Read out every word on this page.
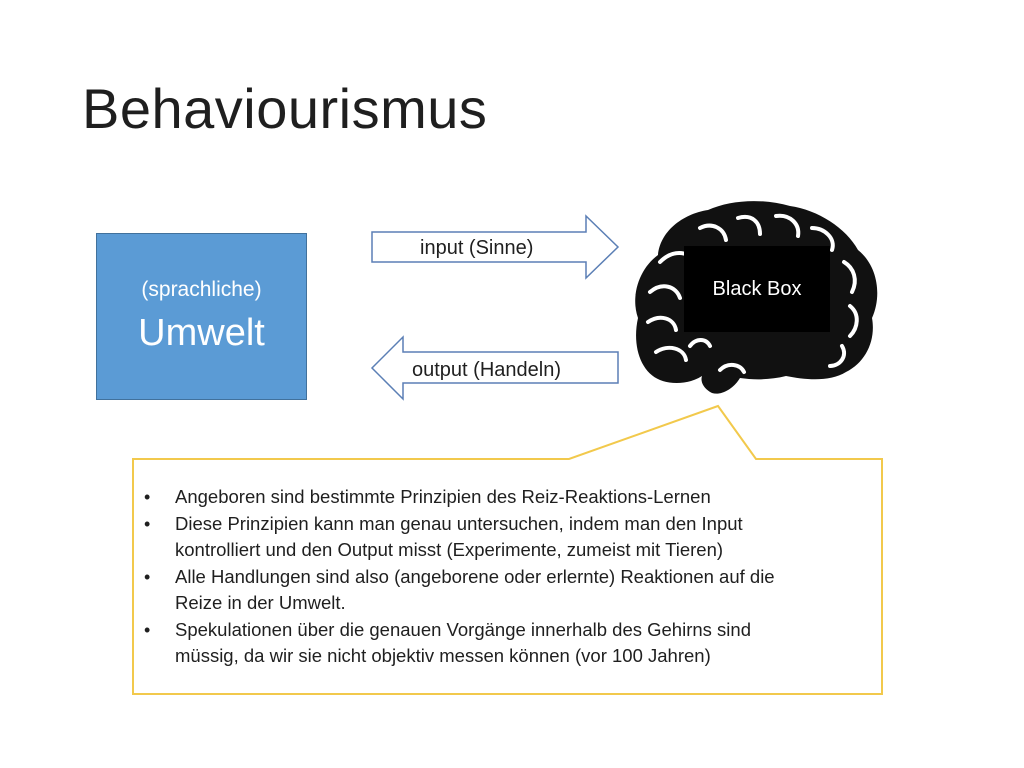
Behaviourismus
(sprachliche)
Umwelt
input (Sinne)
output (Handeln)
Black Box
• Angeboren sind bestimmte Prinzipien des Reiz-Reaktions-Lernen
• Diese Prinzipien kann man genau untersuchen, indem man den Input
kontrolliert und den Output misst (Experimente, zumeist mit Tieren)
• Alle Handlungen sind also (angeborene oder erlernte) Reaktionen auf die
Reize in der Umwelt.
• Spekulationen über die genauen Vorgänge innerhalb des Gehirns sind
müssig, da wir sie nicht objektiv messen können (vor 100 Jahren)
